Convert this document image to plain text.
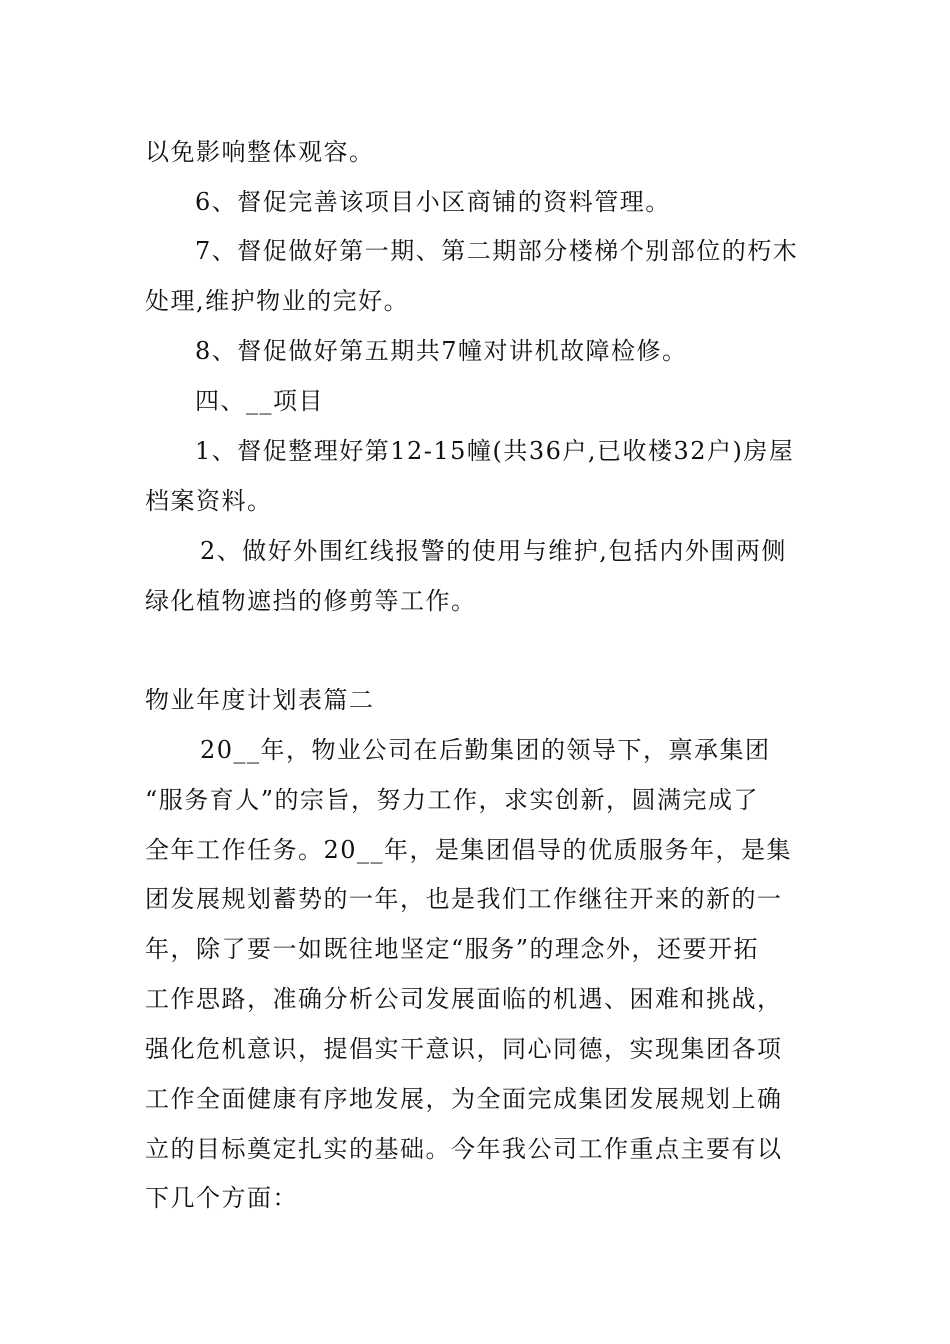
以免影响整体观容。
6、督促完善该项目小区商铺的资料管理。
7、督促做好第一期、第二期部分楼梯个别部位的朽木
处理,维护物业的完好。
8、督促做好第五期共7幢对讲机故障检修。
四、__项目
1、督促整理好第12-15幢(共36户,已收楼32户)房屋
档案资料。
2、做好外围红线报警的使用与维护,包括内外围两侧
绿化植物遮挡的修剪等工作。
物业年度计划表篇二
20__年，物业公司在后勤集团的领导下，禀承集团
“服务育人”的宗旨，努力工作，求实创新，圆满完成了
全年工作任务。20__年，是集团倡导的优质服务年，是集
团发展规划蓄势的一年，也是我们工作继往开来的新的一
年，除了要一如既往地坚定“服务”的理念外，还要开拓
工作思路，准确分析公司发展面临的机遇、困难和挑战，
强化危机意识，提倡实干意识，同心同德，实现集团各项
工作全面健康有序地发展，为全面完成集团发展规划上确
立的目标奠定扎实的基础。今年我公司工作重点主要有以
下几个方面：
